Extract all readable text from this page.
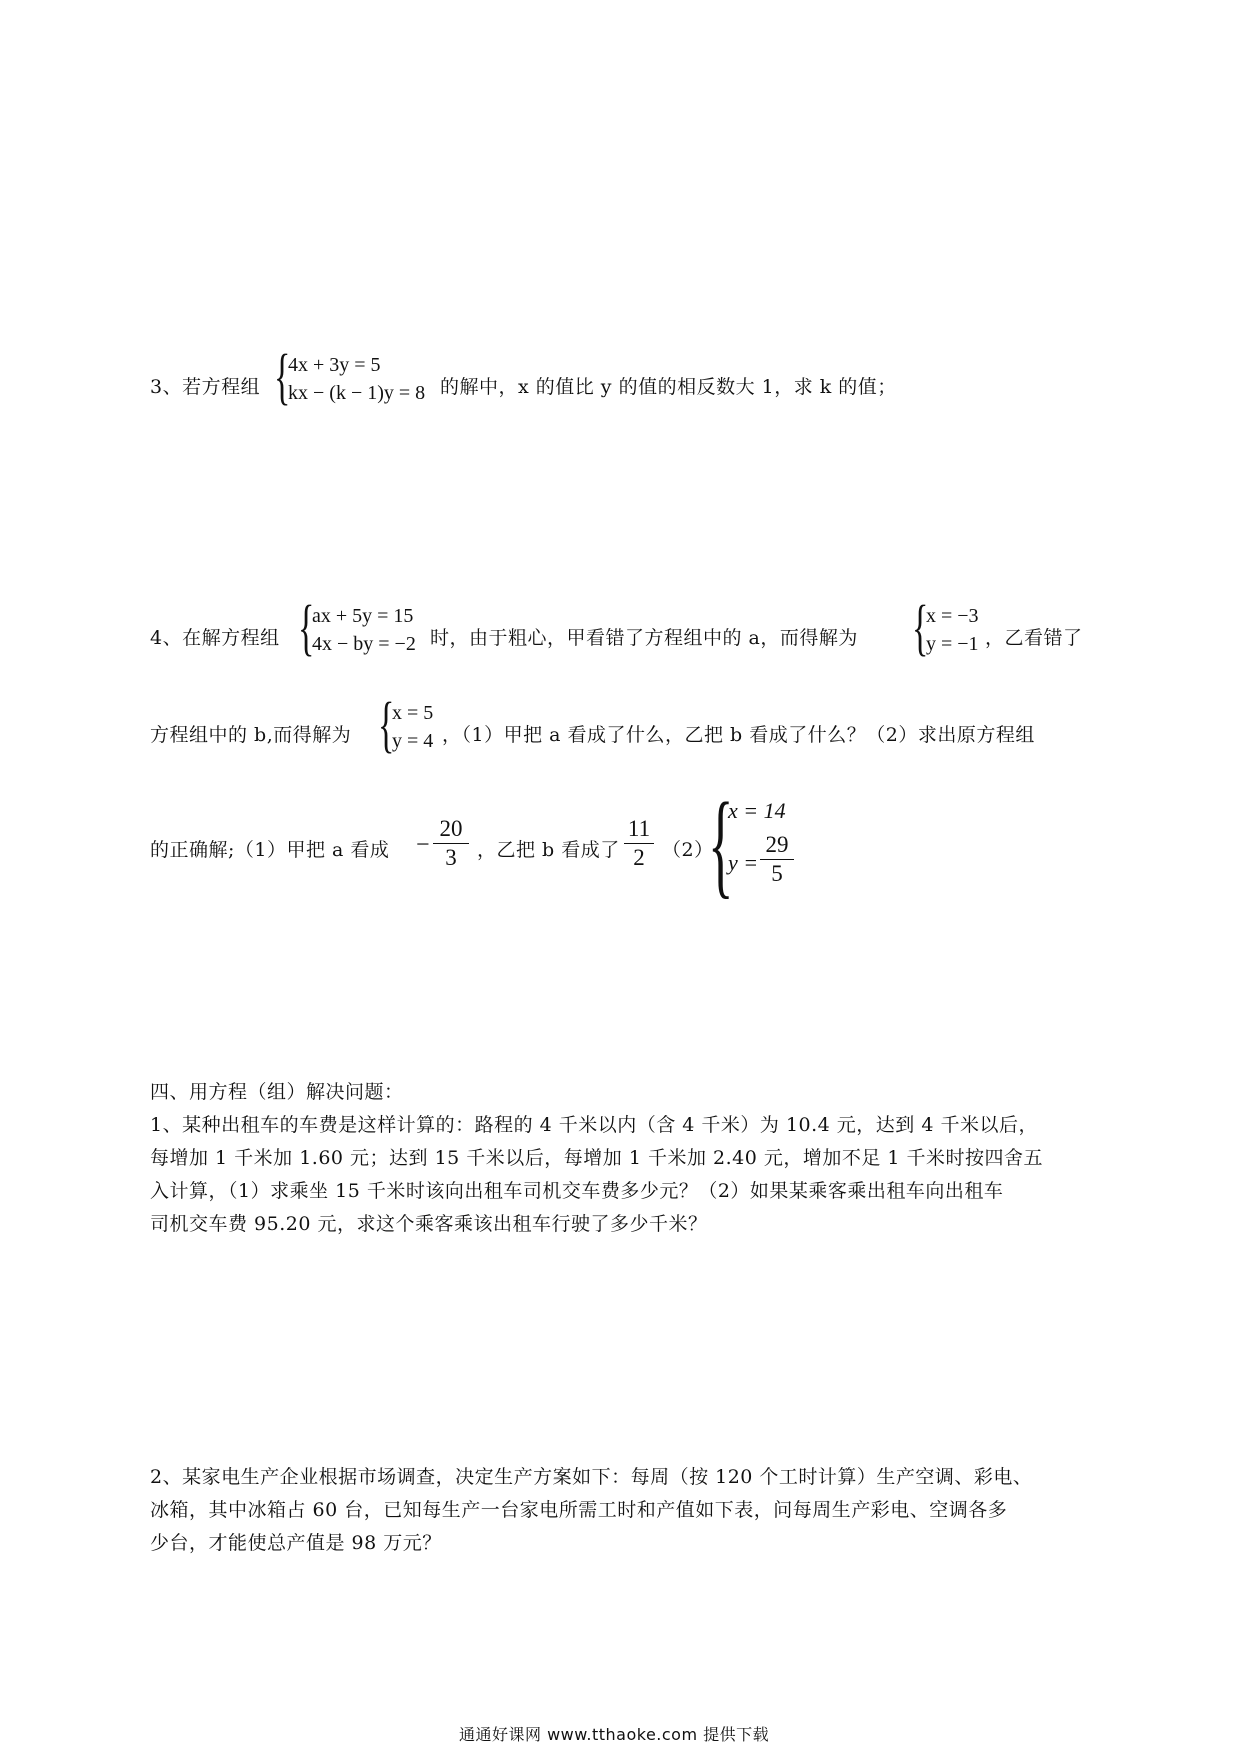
3、若方程组 {
4x + 3y = 5
kx − (k − 1)y = 8 的解中，x 的值比 y 的值的相反数大 1，求 k 的值；
4、在解方程组 {
ax + 5y = 15
4x − by = −2 时，由于粗心，甲看错了方程组中的 a，而得解为 {
x = −3
y = −1 ，乙看错了
方程组中的 b,而得解为 {
x = 5
y = 4 ，（1）甲把 a 看成了什么，乙把 b 看成了什么？（2）求出原方程组
的正确解;（1）甲把 a 看成 −
20
3	，乙把 b 看成了
11
2 （2）
{
x = 14
y =
29
5
四、用方程（组）解决问题：
1、某种出租车的车费是这样计算的：路程的 4 千米以内（含 4 千米）为 10.4 元，达到 4 千米以后，
每增加 1 千米加 1.60 元；达到 15 千米以后，每增加 1 千米加 2.40 元，增加不足 1 千米时按四舍五
入计算，（1）求乘坐 15 千米时该向出租车司机交车费多少元？（2）如果某乘客乘出租车向出租车
司机交车费 95.20 元，求这个乘客乘该出租车行驶了多少千米？
2、某家电生产企业根据市场调查，决定生产方案如下：每周（按 120 个工时计算）生产空调、彩电、
冰箱，其中冰箱占 60 台，已知每生产一台家电所需工时和产值如下表，问每周生产彩电、空调各多
少台，才能使总产值是 98 万元？
通通好课网 www.tthaoke.com 提供下载
